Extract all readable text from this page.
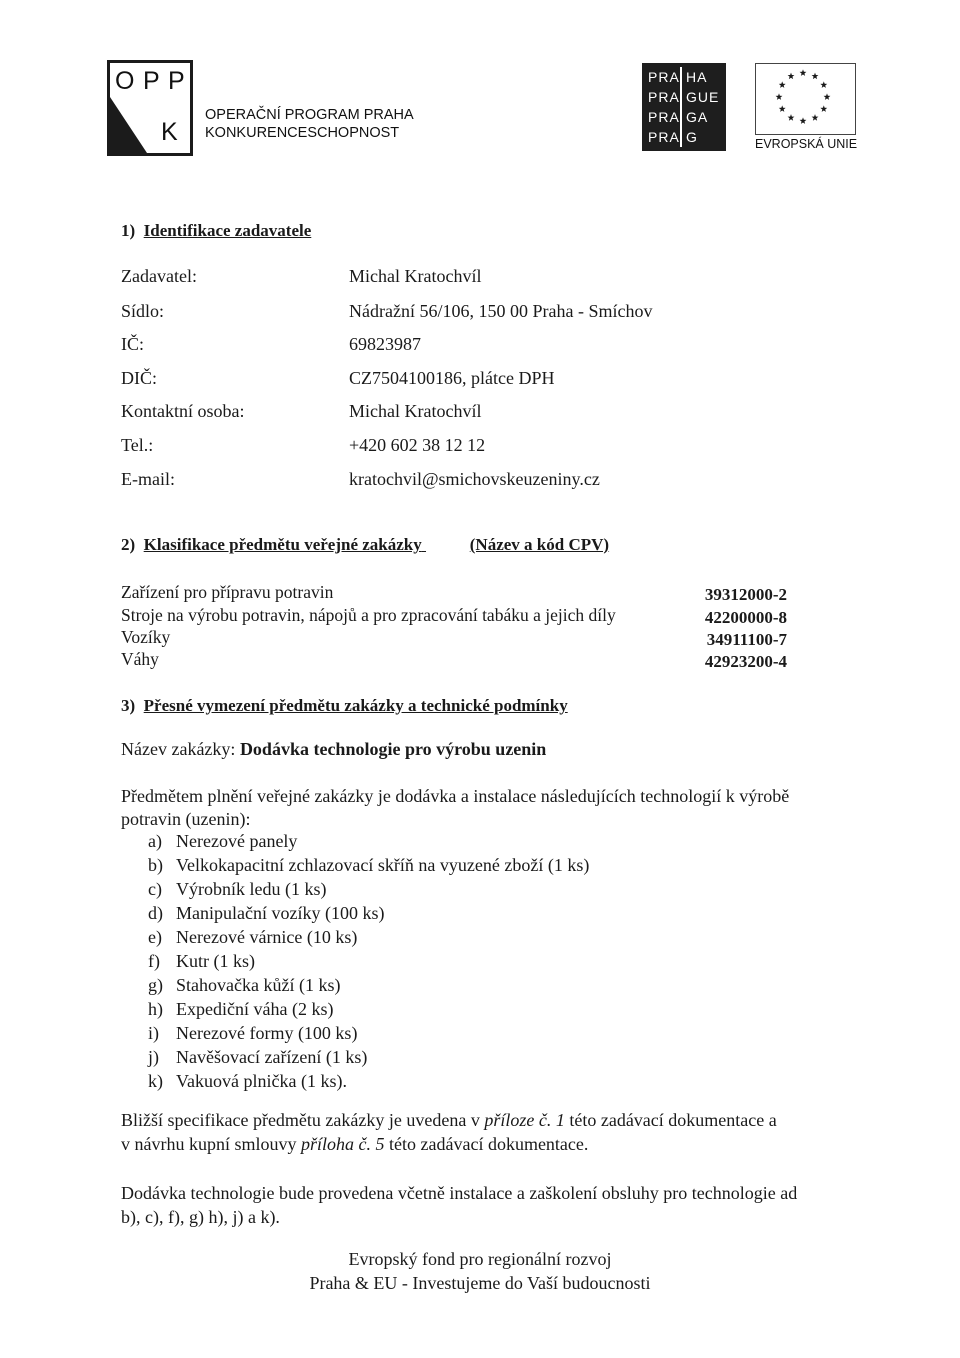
O P P
K
OPERAČNÍ PROGRAM PRAHA
KONKURENCESCHOPNOST
PRA HA
PRA GUE
PRA GA
PRA G	EVROPSKÁ UNIE
1) Identifikace zadavatele
Zadavatel:	Michal Kratochvíl
Sídlo:	Nádražní 56/106, 150 00 Praha - Smíchov
IČ:	69823987
DIČ:	CZ7504100186, plátce DPH
Kontaktní osoba:	Michal Kratochvíl
Tel.:	+420 602 38 12 12
E-mail:	kratochvil@smichovskeuzeniny.cz
2) Klasifikace předmětu veřejné zakázky	(Název a kód CPV)
Zařízení pro přípravu potravin	39312000-2
Stroje na výrobu potravin, nápojů a pro zpracování tabáku a jejich díly	42200000-8
Vozíky	34911100-7
Váhy	42923200-4
3) Přesné vymezení předmětu zakázky a technické podmínky
Název zakázky: Dodávka technologie pro výrobu uzenin
Předmětem plnění veřejné zakázky je dodávka a instalace následujících technologií k výrobě
potravin (uzenin):
a) Nerezové panely
b) Velkokapacitní zchlazovací skříň na vyuzené zboží (1 ks)
c) Výrobník ledu (1 ks)
d) Manipulační vozíky (100 ks)
e) Nerezové várnice (10 ks)
f) Kutr (1 ks)
g) Stahovačka kůží (1 ks)
h) Expediční váha (2 ks)
i) Nerezové formy (100 ks)
j) Navěšovací zařízení (1 ks)
k) Vakuová plnička (1 ks).
Bližší specifikace předmětu zakázky je uvedena v příloze č. 1 této zadávací dokumentace a
v návrhu kupní smlouvy příloha č. 5 této zadávací dokumentace.
Dodávka technologie bude provedena včetně instalace a zaškolení obsluhy pro technologie ad
b), c), f), g) h), j) a k).
Evropský fond pro regionální rozvoj
Praha & EU - Investujeme do Vaší budoucnosti
